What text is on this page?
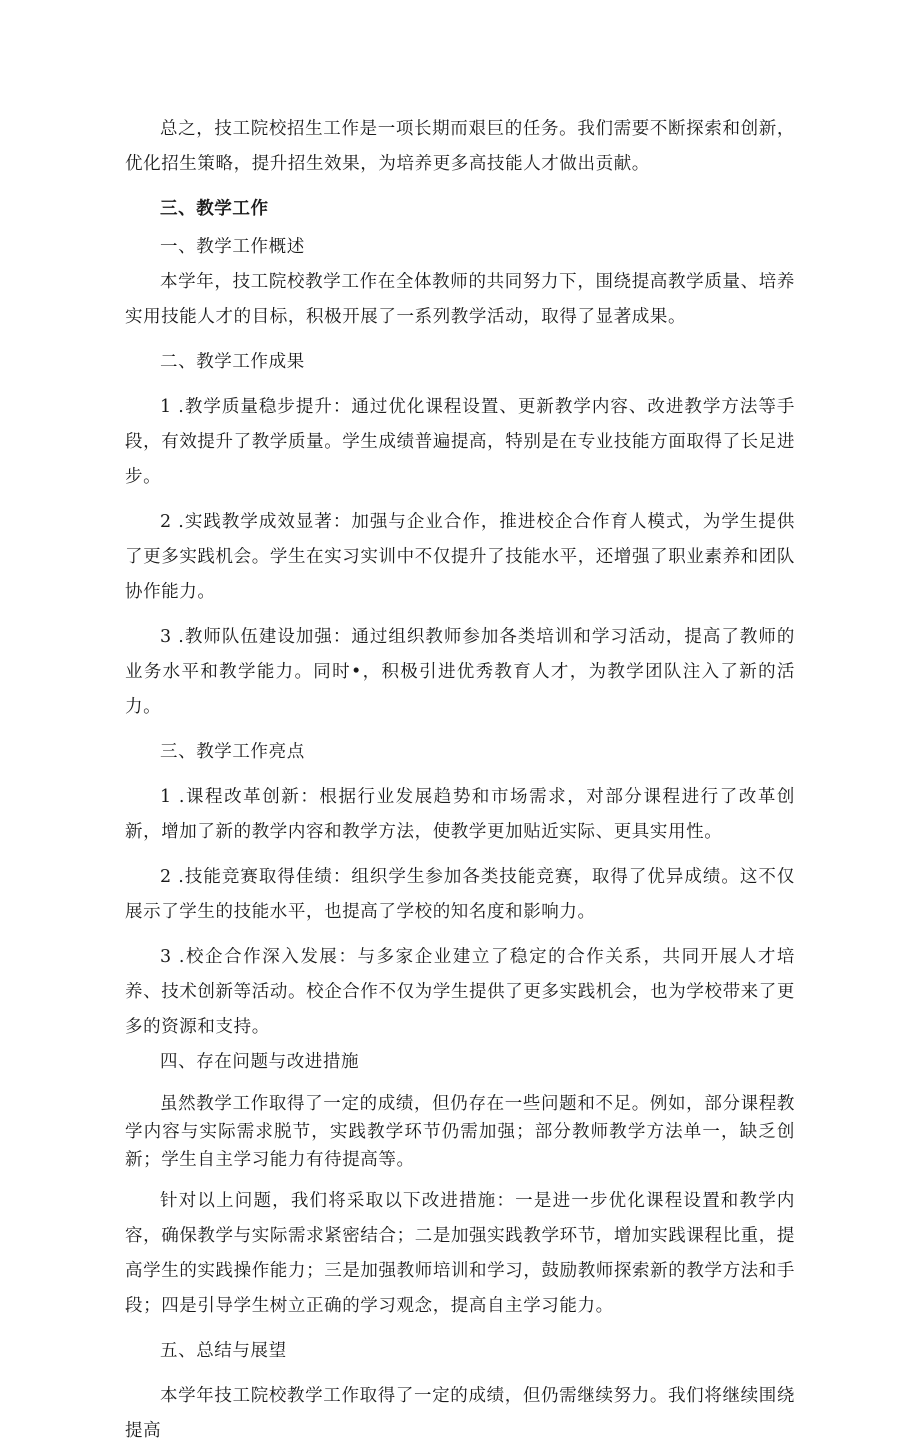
总之，技工院校招生工作是一项长期而艰巨的任务。我们需要不断探索和创新，优化招生策略，提升招生效果，为培养更多高技能人才做出贡献。

三、教学工作

一、教学工作概述

本学年，技工院校教学工作在全体教师的共同努力下，围绕提高教学质量、培养实用技能人才的目标，积极开展了一系列教学活动，取得了显著成果。

二、教学工作成果

1 .教学质量稳步提升：通过优化课程设置、更新教学内容、改进教学方法等手段，有效提升了教学质量。学生成绩普遍提高，特别是在专业技能方面取得了长足进步。

2 .实践教学成效显著：加强与企业合作，推进校企合作育人模式，为学生提供了更多实践机会。学生在实习实训中不仅提升了技能水平，还增强了职业素养和团队协作能力。

3 .教师队伍建设加强：通过组织教师参加各类培训和学习活动，提高了教师的业务水平和教学能力。同时•，积极引进优秀教育人才，为教学团队注入了新的活力。

三、教学工作亮点

1 .课程改革创新：根据行业发展趋势和市场需求，对部分课程进行了改革创新，增加了新的教学内容和教学方法，使教学更加贴近实际、更具实用性。

2 .技能竞赛取得佳绩：组织学生参加各类技能竞赛，取得了优异成绩。这不仅展示了学生的技能水平，也提高了学校的知名度和影响力。

3 .校企合作深入发展：与多家企业建立了稳定的合作关系，共同开展人才培养、技术创新等活动。校企合作不仅为学生提供了更多实践机会，也为学校带来了更多的资源和支持。

四、存在问题与改进措施

虽然教学工作取得了一定的成绩，但仍存在一些问题和不足。例如，部分课程教学内容与实际需求脱节，实践教学环节仍需加强；部分教师教学方法单一，缺乏创新；学生自主学习能力有待提高等。

针对以上问题，我们将采取以下改进措施：一是进一步优化课程设置和教学内容，确保教学与实际需求紧密结合；二是加强实践教学环节，增加实践课程比重，提高学生的实践操作能力；三是加强教师培训和学习，鼓励教师探索新的教学方法和手段；四是引导学生树立正确的学习观念，提高自主学习能力。

五、总结与展望

本学年技工院校教学工作取得了一定的成绩，但仍需继续努力。我们将继续围绕提高
